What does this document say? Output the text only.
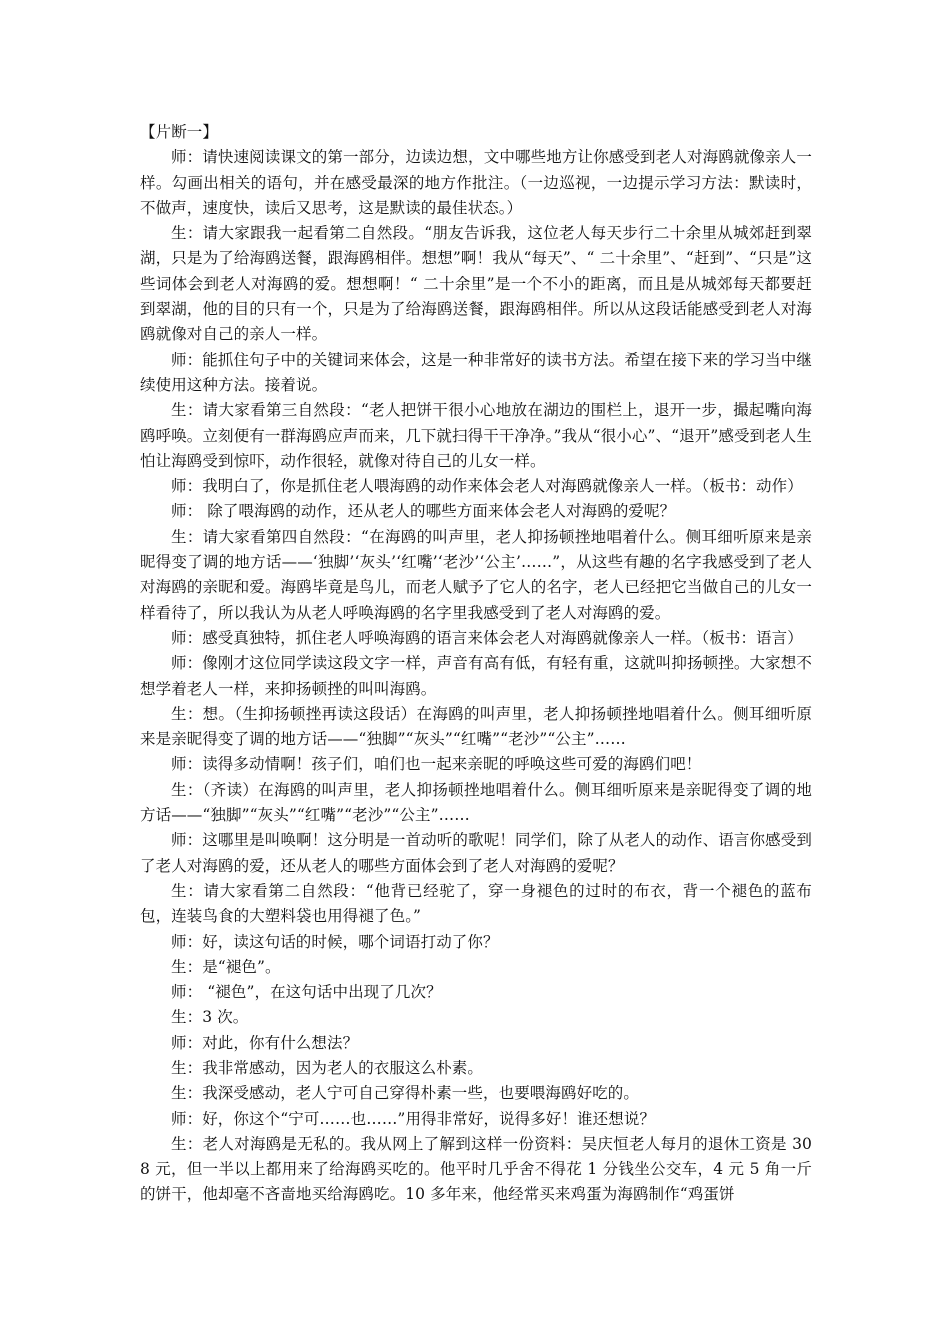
【片断一】

师：请快速阅读课文的第一部分，边读边想，文中哪些地方让你感受到老人对海鸥就像亲人一样。勾画出相关的语句，并在感受最深的地方作批注。（一边巡视，一边提示学习方法：默读时，不做声，速度快，读后又思考，这是默读的最佳状态。）

生：请大家跟我一起看第二自然段。“朋友告诉我，这位老人每天步行二十余里从城郊赶到翠湖，只是为了给海鸥送餐，跟海鸥相伴。想想”啊！我从“每天”、“ 二十余里”、“赶到”、“只是”这些词体会到老人对海鸥的爱。想想啊！“ 二十余里”是一个不小的距离，而且是从城郊每天都要赶到翠湖，他的目的只有一个，只是为了给海鸥送餐，跟海鸥相伴。所以从这段话能感受到老人对海鸥就像对自己的亲人一样。

师：能抓住句子中的关键词来体会，这是一种非常好的读书方法。希望在接下来的学习当中继续使用这种方法。接着说。

生：请大家看第三自然段：“老人把饼干很小心地放在湖边的围栏上，退开一步，撮起嘴向海鸥呼唤。立刻便有一群海鸥应声而来，几下就扫得干干净净。”我从“很小心”、“退开”感受到老人生怕让海鸥受到惊吓，动作很轻，就像对待自己的儿女一样。

师：我明白了，你是抓住老人喂海鸥的动作来体会老人对海鸥就像亲人一样。（板书：动作）

师： 除了喂海鸥的动作，还从老人的哪些方面来体会老人对海鸥的爱呢？

生：请大家看第四自然段：“在海鸥的叫声里，老人抑扬顿挫地唱着什么。侧耳细听原来是亲昵得变了调的地方话——‘独脚’‘灰头’‘红嘴’‘老沙’‘公主’……”，从这些有趣的名字我感受到了老人对海鸥的亲昵和爱。海鸥毕竟是鸟儿，而老人赋予了它人的名字，老人已经把它当做自己的儿女一样看待了，所以我认为从老人呼唤海鸥的名字里我感受到了老人对海鸥的爱。

师：感受真独特，抓住老人呼唤海鸥的语言来体会老人对海鸥就像亲人一样。（板书：语言）

师：像刚才这位同学读这段文字一样，声音有高有低，有轻有重，这就叫抑扬顿挫。大家想不想学着老人一样，来抑扬顿挫的叫叫海鸥。

生：想。（生抑扬顿挫再读这段话）在海鸥的叫声里，老人抑扬顿挫地唱着什么。侧耳细听原来是亲昵得变了调的地方话——“独脚”“灰头”“红嘴”“老沙”“公主”……

师：读得多动情啊！孩子们，咱们也一起来亲昵的呼唤这些可爱的海鸥们吧！

生：（齐读）在海鸥的叫声里，老人抑扬顿挫地唱着什么。侧耳细听原来是亲昵得变了调的地方话——“独脚”“灰头”“红嘴”“老沙”“公主”……

师：这哪里是叫唤啊！这分明是一首动听的歌呢！同学们，除了从老人的动作、语言你感受到了老人对海鸥的爱，还从老人的哪些方面体会到了老人对海鸥的爱呢？

生：请大家看第二自然段：“他背已经驼了，穿一身褪色的过时的布衣，背一个褪色的蓝布包，连装鸟食的大塑料袋也用得褪了色。”

师：好，读这句话的时候，哪个词语打动了你？

生：是“褪色”。

师： “褪色”，在这句话中出现了几次？

生：3 次。

师：对此，你有什么想法？

生：我非常感动，因为老人的衣服这么朴素。

生：我深受感动，老人宁可自己穿得朴素一些，也要喂海鸥好吃的。

师：好，你这个“宁可……也……”用得非常好，说得多好！谁还想说？

生：老人对海鸥是无私的。我从网上了解到这样一份资料：吴庆恒老人每月的退休工资是 308 元，但一半以上都用来了给海鸥买吃的。他平时几乎舍不得花 1 分钱坐公交车，4 元 5 角一斤的饼干，他却毫不吝啬地买给海鸥吃。10 多年来，他经常买来鸡蛋为海鸥制作“鸡蛋饼
